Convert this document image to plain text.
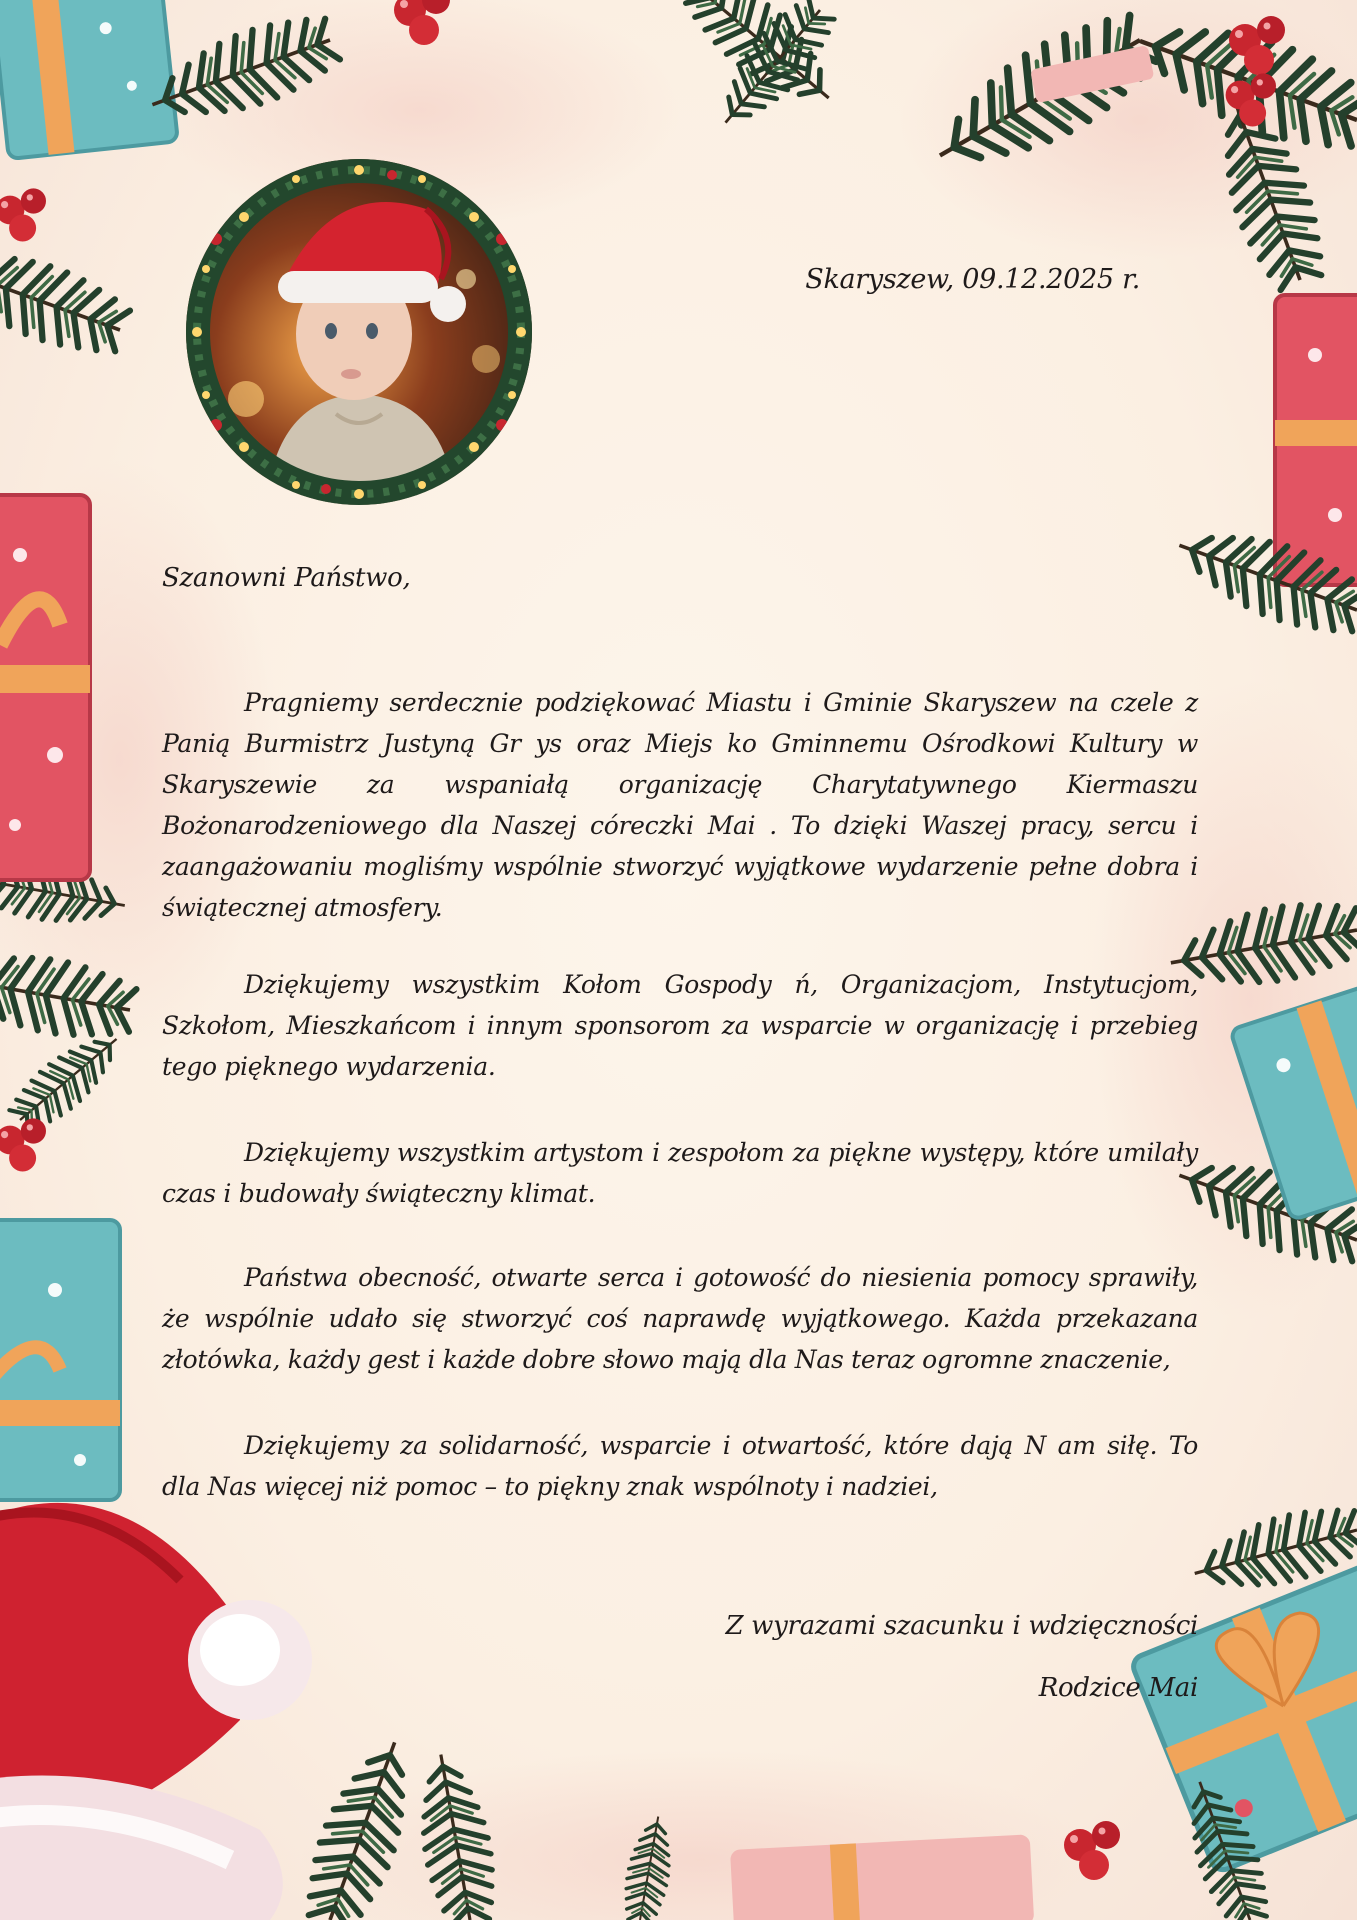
Skaryszew, 09.12.2025 r.
Szanowni Państwo,
Pragniemy serdecznie podziękować Miastu i Gminie Skaryszew na czele z Panią Burmistrz Justyną Gr ys oraz Miejs ko Gminnemu Ośrodkowi Kultury w Skaryszewie za wspaniałą organizację Charytatywnego Kiermaszu Bożonarodzeniowego dla Naszej córeczki Mai . To dzięki Waszej pracy, sercu i zaangażowaniu mogliśmy wspólnie stworzyć wyjątkowe wydarzenie pełne dobra i świątecznej atmosfery.
Dziękujemy wszystkim Kołom Gospody ń, Organizacjom, Instytucjom, Szkołom, Mieszkańcom i innym sponsorom za wsparcie w organizację i przebieg tego pięknego wydarzenia.
Dziękujemy wszystkim artystom i zespołom za piękne występy, które umilały czas i budowały świąteczny klimat.
Państwa obecność, otwarte serca i gotowość do niesienia pomocy sprawiły, że wspólnie udało się stworzyć coś naprawdę wyjątkowego. Każda przekazana złotówka, każdy gest i każde dobre słowo mają dla Nas teraz ogromne znaczenie,
Dziękujemy za solidarność, wsparcie i otwartość, które dają N am siłę. To dla Nas więcej niż pomoc – to piękny znak wspólnoty i nadziei,
Z wyrazami szacunku i wdzięczności
Rodzice Mai
